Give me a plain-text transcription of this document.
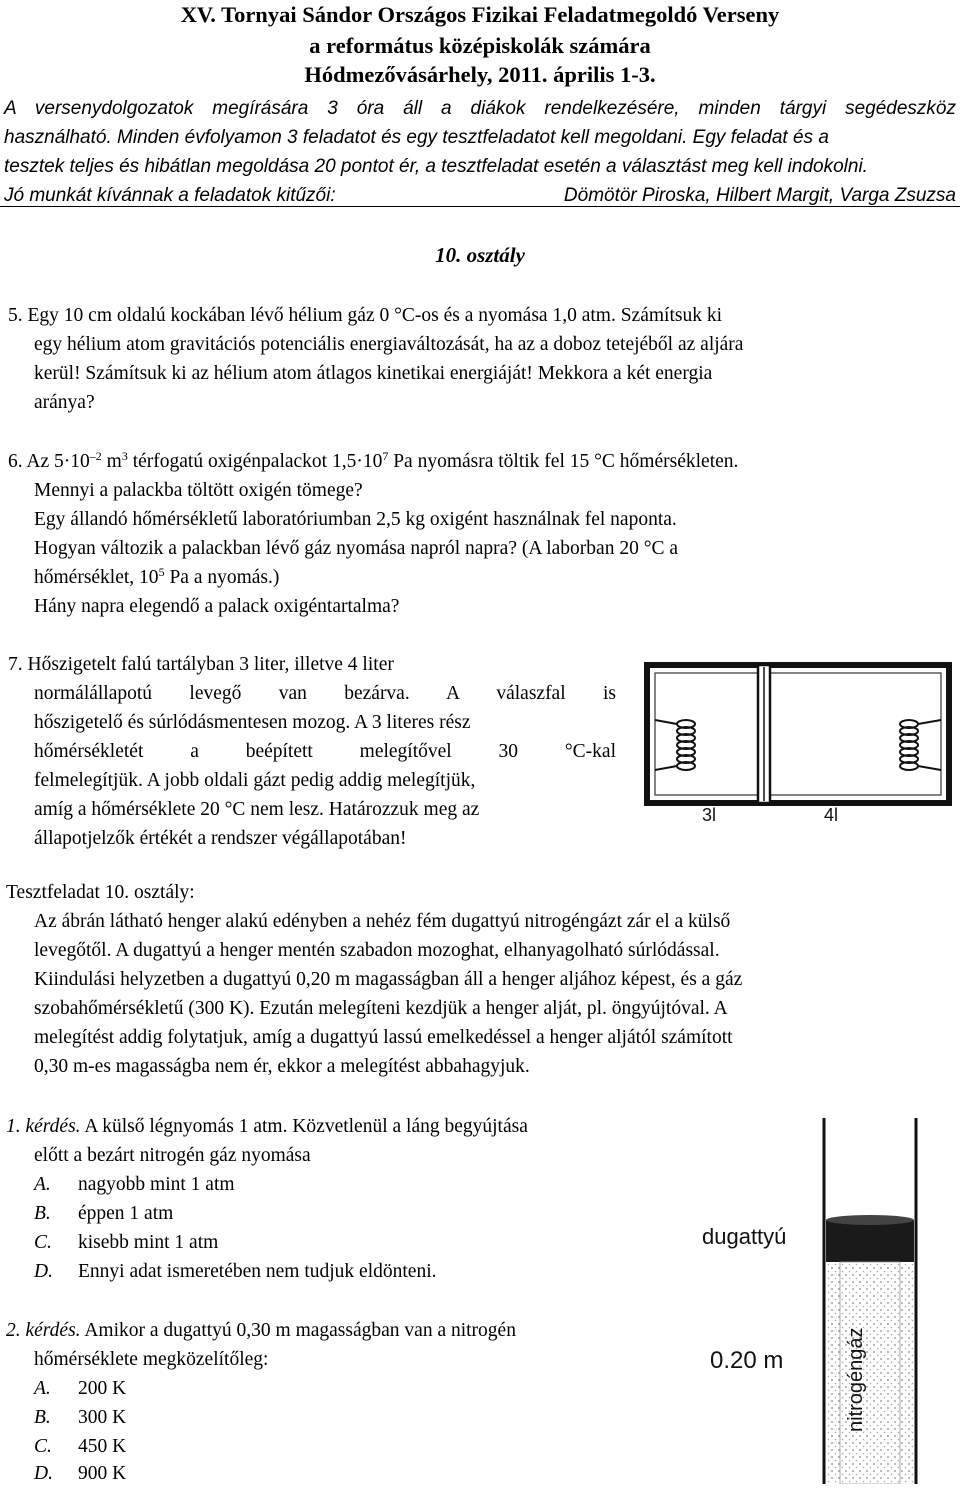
XV. Tornyai Sándor Országos Fizikai Feladatmegoldó Verseny
a református középiskolák számára
Hódmezővásárhely, 2011. április 1-3.

A versenydolgozatok megírására 3 óra áll a diákok rendelkezésére, minden tárgyi segédeszköz

használható. Minden évfolyamon 3 feladatot és egy tesztfeladatot kell megoldani. Egy feladat és a

tesztek teljes és hibátlan megoldása 20 pontot ér, a tesztfeladat esetén a választást meg kell indokolni.

Jó munkát kívánnak a feladatok kitűzői:	Dömötör Piroska, Hilbert Margit, Varga Zsuzsa

10. osztály
5. Egy 10 cm oldalú kockában lévő hélium gáz 0 °C-os és a nyomása 1,0 atm. Számítsuk ki
egy hélium atom gravitációs potenciális energiaváltozását, ha az a doboz tetejéből az aljára
kerül! Számítsuk ki az hélium atom átlagos kinetikai energiáját! Mekkora a két energia
aránya?
6. Az $5\cdot 10^{-2}$ $m^3$ térfogatú oxigénpalackot $1,5\cdot 10^7$ Pa nyomásra töltik fel 15 °C hőmérsékleten.
Mennyi a palackba töltött oxigén tömege?
Egy állandó hőmérsékletű laboratóriumban 2,5 kg oxigént használnak fel naponta.
Hogyan változik a palackban lévő gáz nyomása napról napra? (A laborban 20 °C a
hőmérséklet, $10^5$ Pa a nyomás.)
Hány napra elegendő a palack oxigéntartalma?
7. Hőszigetelt falú tartályban 3 liter, illetve 4 liter
normálállapotú levegő van bezárva. A válaszfal is
hőszigetelő és súrlódásmentesen mozog. A 3 literes rész
hőmérsékletét a beépített melegítővel 30 °C-kal
felmelegítjük. A jobb oldali gázt pedig addig melegítjük,
amíg a hőmérséklete 20 °C nem lesz. Határozzuk meg az
állapotjelzők értékét a rendszer végállapotában!
3l	4l
Tesztfeladat 10. osztály:
Az ábrán látható henger alakú edényben a nehéz fém dugattyú nitrogéngázt zár el a külső
levegőtől. A dugattyú a henger mentén szabadon mozoghat, elhanyagolható súrlódással.
Kiindulási helyzetben a dugattyú 0,20 m magasságban áll a henger aljához képest, és a gáz
szobahőmérsékletű (300 K). Ezután melegíteni kezdjük a henger alját, pl. öngyújtóval. A
melegítést addig folytatjuk, amíg a dugattyú lassú emelkedéssel a henger aljától számított
0,30 m-es magasságba nem ér, ekkor a melegítést abbahagyjuk.
1. kérdés. A külső légnyomás 1 atm. Közvetlenül a láng begyújtása
előtt a bezárt nitrogén gáz nyomása
A. nagyobb mint 1 atm
B. éppen 1 atm
C. kisebb mint 1 atm
D. Ennyi adat ismeretében nem tudjuk eldönteni.
2. kérdés. Amikor a dugattyú 0,30 m magasságban van a nitrogén
hőmérséklete megközelítőleg:
A. 200 K
B. 300 K
C. 450 K
D. 900 K
dugattyú
0.20 m	nitrogéngáz
